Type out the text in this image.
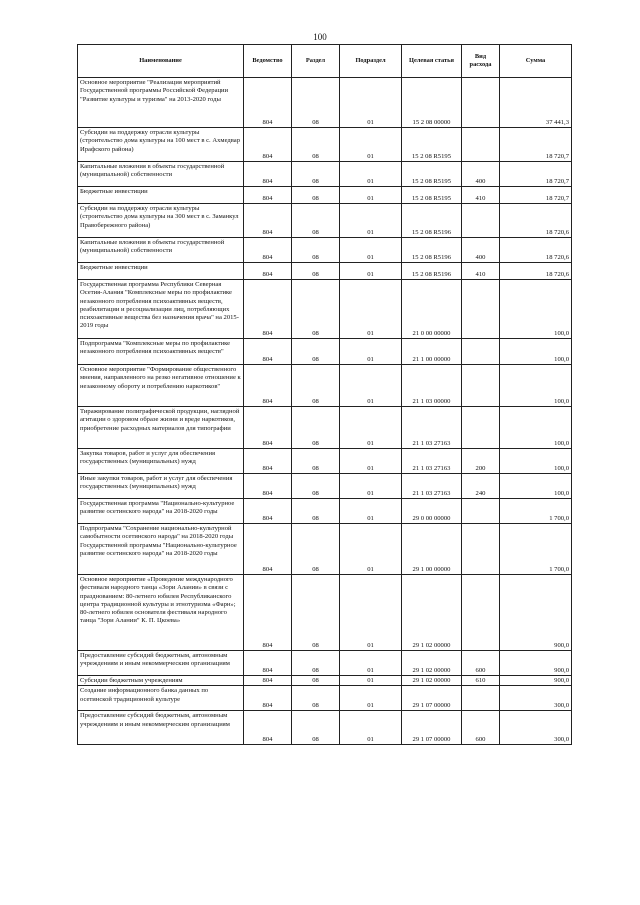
100
Наименование	Ведомство	Раздел	Подраздел	Целевая статья	Вид расхода	Сумма
Основное мероприятие "Реализация мероприятий Государственной программы Российской Федерации "Развитие культуры и туризма" на 2013-2020 годы	804	08	01	15 2 08 00000		37 441,3
Субсидии на поддержку отрасли культуры (строительство дома культуры на 100 мест в с. Ахмедвар Ирафского района)	804	08	01	15 2 08 R5195		18 720,7
Капитальные вложения в объекты государственной (муниципальной) собственности	804	08	01	15 2 08 R5195	400	18 720,7
Бюджетные инвестиции	804	08	01	15 2 08 R5195	410	18 720,7
Субсидии на поддержку отрасли культуры (строительство дома культуры на 300 мест в с. Заманкул Правобережного района)	804	08	01	15 2 08 R5196		18 720,6
Капитальные вложения в объекты государственной (муниципальной) собственности	804	08	01	15 2 08 R5196	400	18 720,6
Бюджетные инвестиции	804	08	01	15 2 08 R5196	410	18 720,6
Государственная программа Республики Северная Осетия-Алания "Комплексные меры по профилактике незаконного потребления психоактивных веществ, реабилитации и ресоциализации лиц, потребляющих психоактивные вещества без назначения врача" на 2015-2019 годы	804	08	01	21 0 00 00000		100,0
Подпрограмма "Комплексные меры по профилактике незаконного потребления психоактивных веществ"	804	08	01	21 1 00 00000		100,0
Основное мероприятие "Формирование общественного мнения, направленного на резко негативное отношение к незаконному обороту и потреблению наркотиков"	804	08	01	21 1 03 00000		100,0
Тиражирование полиграфической продукции, наглядной агитации о здоровом образе жизни и вреде наркотиков, приобретение расходных материалов для типографии	804	08	01	21 1 03 27163		100,0
Закупка товаров, работ и услуг для обеспечения государственных (муниципальных) нужд	804	08	01	21 1 03 27163	200	100,0
Иные закупки товаров, работ и услуг для обеспечения государственных (муниципальных) нужд	804	08	01	21 1 03 27163	240	100,0
Государственная программа "Национально-культурное развитие осетинского народа" на 2018-2020 годы	804	08	01	29 0 00 00000		1 700,0
Подпрограмма "Сохранение национально-культурной самобытности осетинского народа" на 2018-2020 годы Государственной программы "Национально-культурное развитие осетинского народа" на 2018-2020 годы	804	08	01	29 1 00 00000		1 700,0
Основное мероприятие «Проведение международного фестиваля народного танца «Зори Алании» в связи с празднованием: 80-летнего юбилея Республиканского центра традиционной культуры и этнотуризма «Фарн»; 80-летнего юбилея основателя фестиваля народного танца "Зори Алании" К. П. Цкоева»	804	08	01	29 1 02 00000		900,0
Предоставление субсидий бюджетным, автономным учреждениям и иным некоммерческим организациям	804	08	01	29 1 02 00000	600	900,0
Субсидии бюджетным учреждениям	804	08	01	29 1 02 00000	610	900,0
Создание информационного банка данных по осетинской традиционной культуре	804	08	01	29 1 07 00000		300,0
Предоставление субсидий бюджетным, автономным учреждениям и иным некоммерческим организациям	804	08	01	29 1 07 00000	600	300,0
